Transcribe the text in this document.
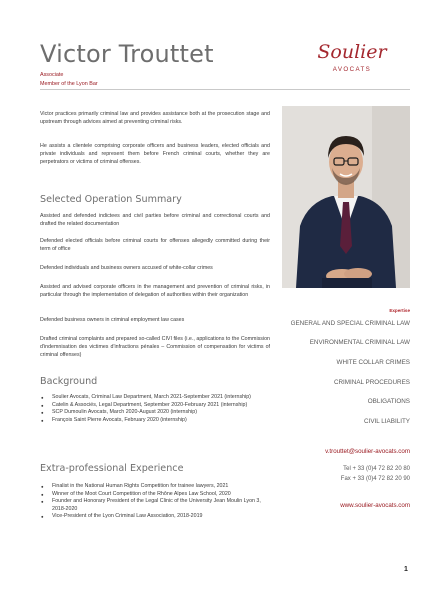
Victor Trouttet
Associate
Member of the Lyon Bar
Soulier
AVOCATS

Victor practices primarily criminal law and provides assistance both at the prosecution stage and upstream through advices aimed at preventing criminal risks.

He assists a clientele comprising corporate officers and business leaders, elected officials and private individuals and represent them before French criminal courts, whether they are perpetrators or victims of criminal offenses.

Selected Operation Summary

Assisted and defended indictees and civil parties before criminal and correctional courts and drafted the related documentation

Defended elected officials before criminal courts for offenses allegedly committed during their term of office

Defended individuals and business owners accused of white-collar crimes

Assisted and advised corporate officers in the management and prevention of criminal risks, in particular through the implementation of delegation of authorities within their organization

Defended business owners in criminal employment law cases

Drafted criminal complaints and prepared so-called CIVI files (i.e., applications to the Commission d'indemnisation des victimes d'infractions pénales – Commission of compensation for victims of criminal offenses)

Background
● Soulier Avocats, Criminal Law Department, March 2021-September 2021 (internship)
● Catelin & Associés, Legal Department, September 2020-February 2021 (internship)
● SCP Dumoulin Avocats, March 2020-August 2020 (internship)
● François Saint Pierre Avocats, February 2020 (internship)
Extra-professional Experience
● Finalist in the National Human Rights Competition for trainee lawyers, 2021
● Winner of the Moot Court Competition of the Rhône Alpes Law School, 2020
● Founder and Honorary President of the Legal Clinic of the University Jean Moulin Lyon 3, 2018-2020
● Vice-President of the Lyon Criminal Law Association, 2018-2019
Expertise
GENERAL AND SPECIAL CRIMINAL LAW
ENVIRONMENTAL CRIMINAL LAW
WHITE COLLAR CRIMES
CRIMINAL PROCEDURES
OBLIGATIONS
CIVIL LIABILITY
v.trouttet@soulier-avocats.com
Tel + 33 (0)4 72 82 20 80
Fax + 33 (0)4 72 82 20 90
www.soulier-avocats.com
1
